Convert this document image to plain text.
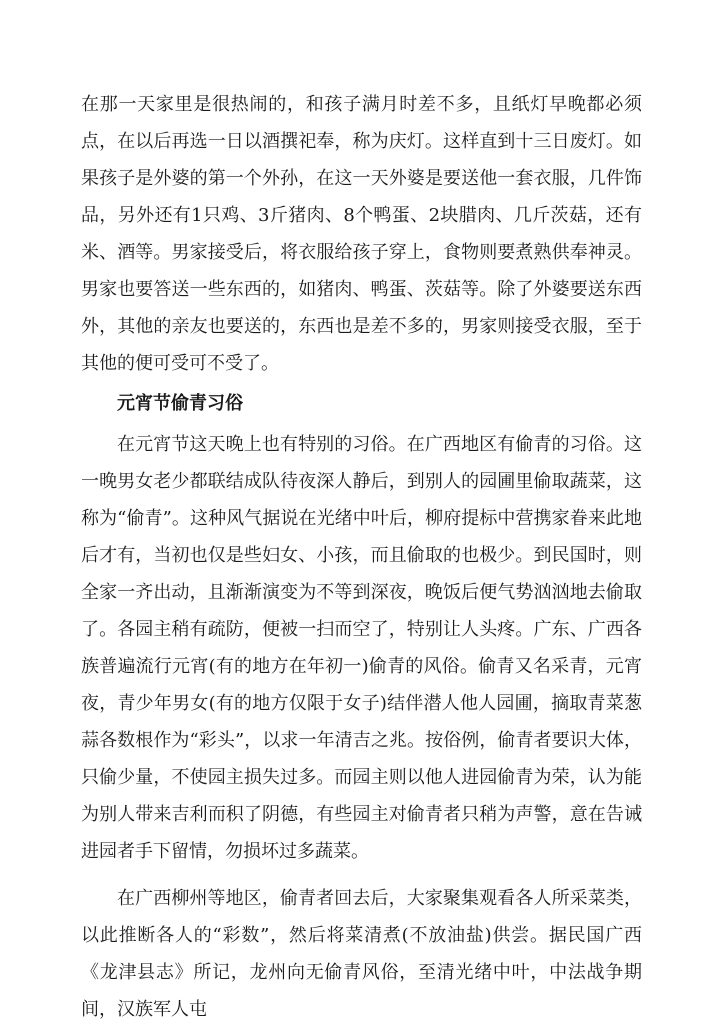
在那一天家里是很热闹的，和孩子满月时差不多，且纸灯早晚都必须点，在以后再选一日以酒撰祀奉，称为庆灯。这样直到十三日废灯。如果孩子是外婆的第一个外孙，在这一天外婆是要送他一套衣服，几件饰品，另外还有1只鸡、3斤猪肉、8个鸭蛋、2块腊肉、几斤茨菇，还有米、酒等。男家接受后，将衣服给孩子穿上，食物则要煮熟供奉神灵。男家也要答送一些东西的，如猪肉、鸭蛋、茨菇等。除了外婆要送东西外，其他的亲友也要送的，东西也是差不多的，男家则接受衣服，至于其他的便可受可不受了。

元宵节偷青习俗

在元宵节这天晚上也有特别的习俗。在广西地区有偷青的习俗。这一晚男女老少都联结成队待夜深人静后，到别人的园圃里偷取蔬菜，这称为“偷青”。这种风气据说在光绪中叶后，柳府提标中营携家眷来此地后才有，当初也仅是些妇女、小孩，而且偷取的也极少。到民国时，则全家一齐出动，且渐渐演变为不等到深夜，晚饭后便气势汹汹地去偷取了。各园主稍有疏防，便被一扫而空了，特别让人头疼。广东、广西各族普遍流行元宵(有的地方在年初一)偷青的风俗。偷青又名采青，元宵夜，青少年男女(有的地方仅限于女子)结伴潜人他人园圃，摘取青菜葱蒜各数根作为“彩头”，以求一年清吉之兆。按俗例，偷青者要识大体，只偷少量，不使园主损失过多。而园主则以他人进园偷青为荣，认为能为别人带来吉利而积了阴德，有些园主对偷青者只稍为声警，意在告诫进园者手下留情，勿损坏过多蔬菜。

在广西柳州等地区，偷青者回去后，大家聚集观看各人所采菜类，以此推断各人的“彩数”，然后将菜清煮(不放油盐)供尝。据民国广西《龙津县志》所记，龙州向无偷青风俗，至清光绪中叶，中法战争期间，汉族军人屯
